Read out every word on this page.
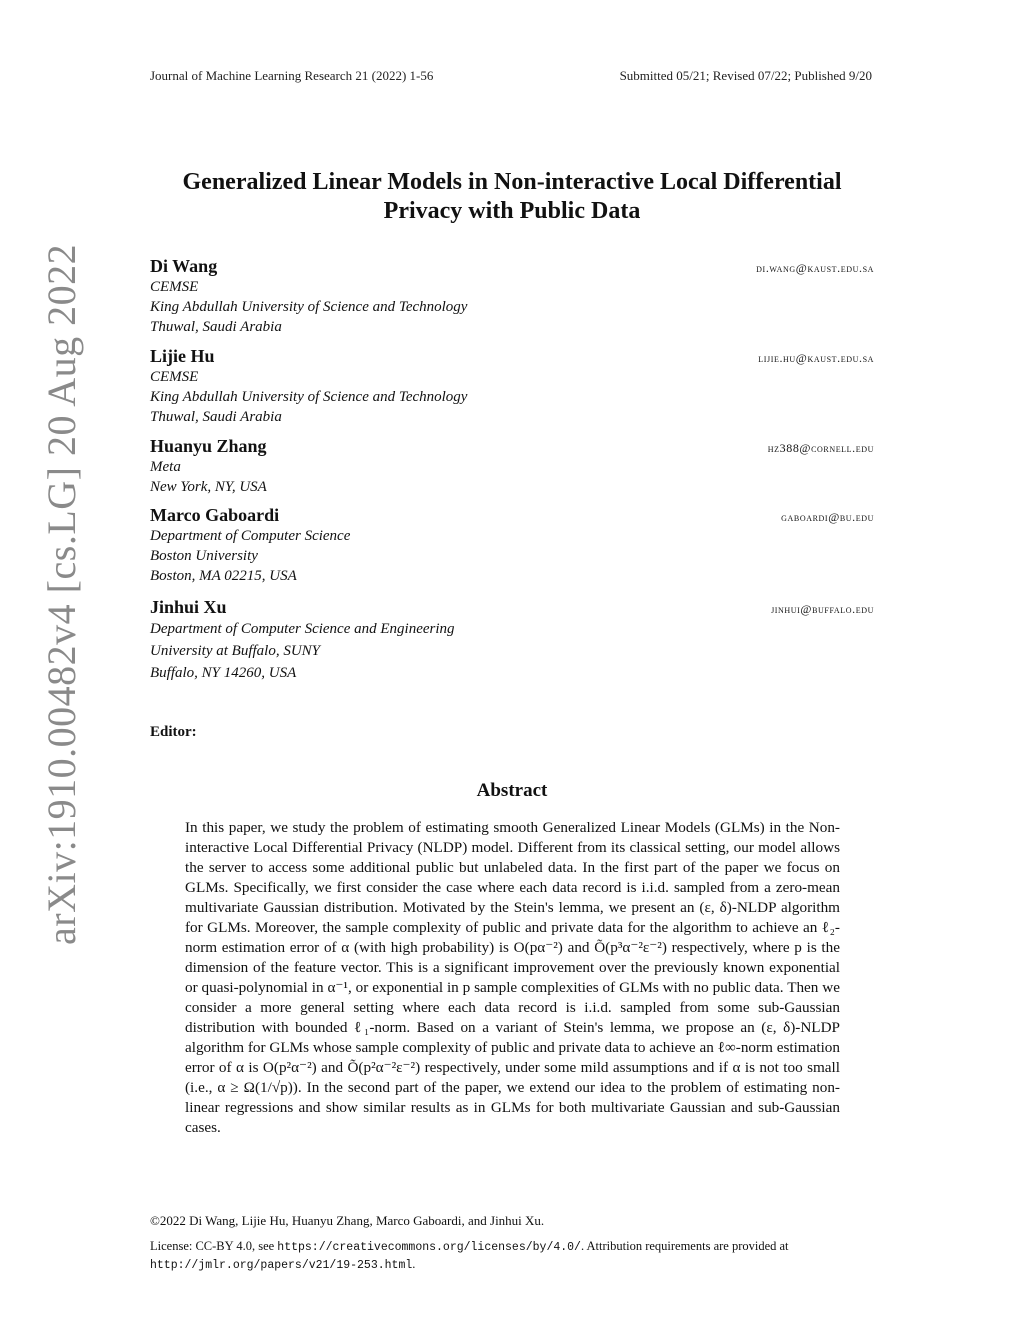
Journal of Machine Learning Research 21 (2022) 1-56	Submitted 05/21; Revised 07/22; Published 9/20
arXiv:1910.00482v4 [cs.LG] 20 Aug 2022
Generalized Linear Models in Non-interactive Local Differential Privacy with Public Data
Di Wang	di.wang@kaust.edu.sa
CEMSE
King Abdullah University of Science and Technology
Thuwal, Saudi Arabia
Lijie Hu	lijie.hu@kaust.edu.sa
CEMSE
King Abdullah University of Science and Technology
Thuwal, Saudi Arabia
Huanyu Zhang	hz388@cornell.edu
Meta
New York, NY, USA
Marco Gaboardi	gaboardi@bu.edu
Department of Computer Science
Boston University
Boston, MA 02215, USA
Jinhui Xu	jinhui@buffalo.edu
Department of Computer Science and Engineering
University at Buffalo, SUNY
Buffalo, NY 14260, USA
Editor:
Abstract
In this paper, we study the problem of estimating smooth Generalized Linear Models (GLMs) in the Non-interactive Local Differential Privacy (NLDP) model. Different from its classical setting, our model allows the server to access some additional public but unlabeled data. In the first part of the paper we focus on GLMs. Specifically, we first consider the case where each data record is i.i.d. sampled from a zero-mean multivariate Gaussian distribution. Motivated by the Stein's lemma, we present an (ε, δ)-NLDP algorithm for GLMs. Moreover, the sample complexity of public and private data for the algorithm to achieve an ℓ₂-norm estimation error of α (with high probability) is O(pα⁻²) and Õ(p³α⁻²ε⁻²) respectively, where p is the dimension of the feature vector. This is a significant improvement over the previously known exponential or quasi-polynomial in α⁻¹, or exponential in p sample complexities of GLMs with no public data. Then we consider a more general setting where each data record is i.i.d. sampled from some sub-Gaussian distribution with bounded ℓ₁-norm. Based on a variant of Stein's lemma, we propose an (ε, δ)-NLDP algorithm for GLMs whose sample complexity of public and private data to achieve an ℓ∞-norm estimation error of α is O(p²α⁻²) and Õ(p²α⁻²ε⁻²) respectively, under some mild assumptions and if α is not too small (i.e., α ≥ Ω(1/√p)). In the second part of the paper, we extend our idea to the problem of estimating non-linear regressions and show similar results as in GLMs for both multivariate Gaussian and sub-Gaussian cases.
©2022 Di Wang, Lijie Hu, Huanyu Zhang, Marco Gaboardi, and Jinhui Xu.
License: CC-BY 4.0, see https://creativecommons.org/licenses/by/4.0/. Attribution requirements are provided at http://jmlr.org/papers/v21/19-253.html.
